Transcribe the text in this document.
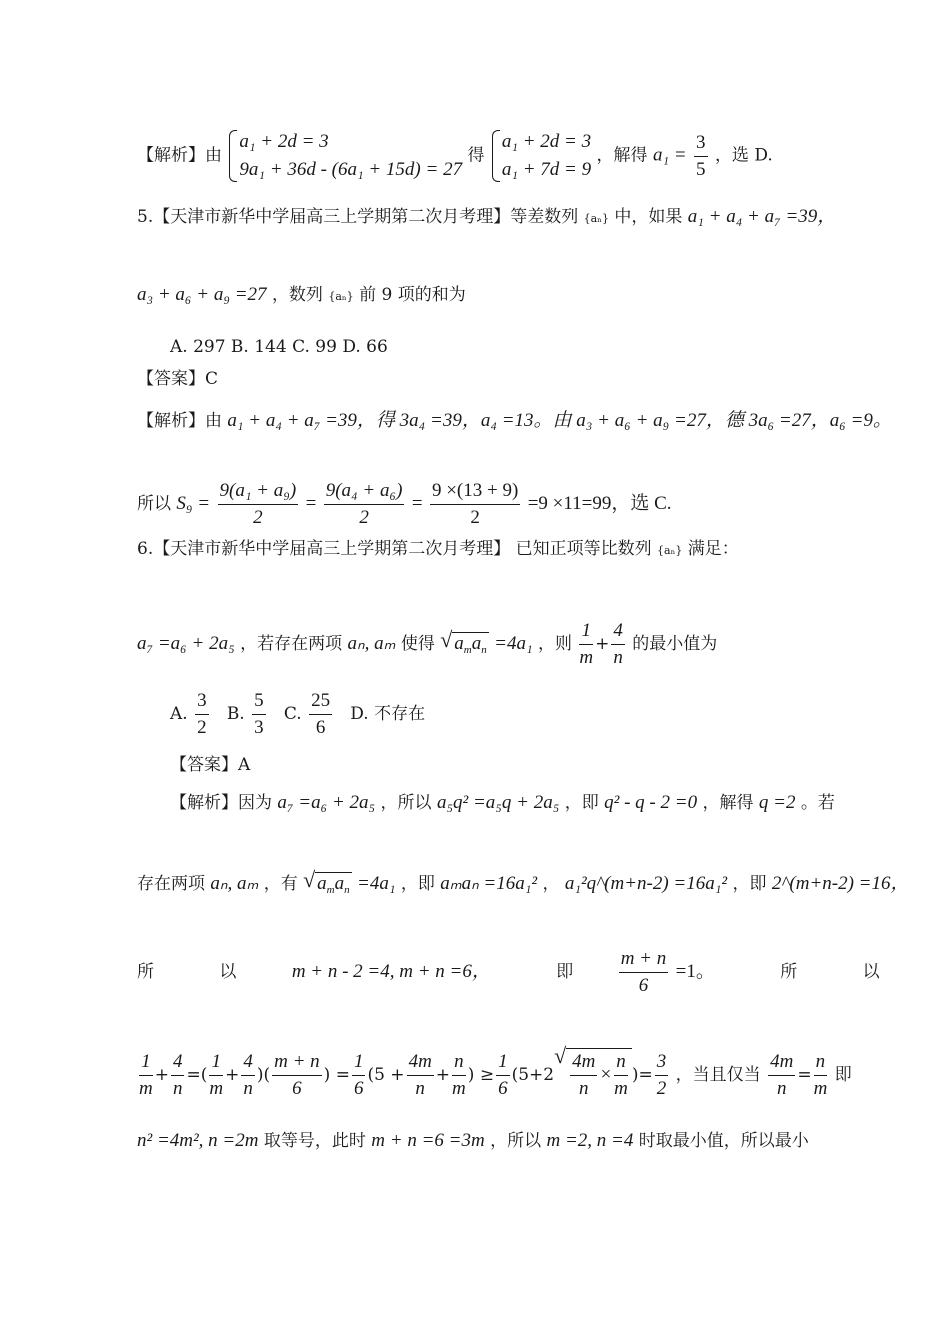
【解析】由
a₁ + 2d = 3
9a₁ + 36d - (6a₁ + 15d) = 27
得
a₁ + 2d = 3
a₁ + 7d = 9
，解得 $a_1 = \frac{3}{5}$ ，选 D.
5.【天津市新华中学届高三上学期第二次月考理】等差数列 {aₙ} 中，如果 a₁ + a₄ + a₇ =39，
a₃ + a₆ + a₉ =27 ，数列 {aₙ} 前 9 项的和为
A. 297 B. 144 C. 99 D. 66
【答案】C
【解析】由 a₁ + a₄ + a₇ =39，得 3a₄ =39，a₄ =13。由 a₃ + a₆ + a₉ =27，德 3a₆ =27，a₆ =9。
所以 $S_9 = \frac{\text{9(a₁ + a₉)}}{2} = \frac{\text{9(a₄ + a₆)}}{2} = \frac{9 \times(13 + 9)}{2} =9 \times 11=99$，选 C.
6.【天津市新华中学届高三上学期第二次月考理】 已知正项等比数列 {aₙ} 满足：
a₇ =a₆ + 2a₅ ，若存在两项 aₙ, aₘ 使得 √ $a_ma_n =4a_1$ ，则 $\frac{1}{m} + \frac{4}{n}$ 的最小值为
A. $\frac{3}{2} B$. $\frac{5}{3} C$. $\frac{25}{6} D$. 不存在
【答案】A
【解析】因为 a₇ =a₆ + 2a₅ ，所以 a₅q² =a₅q + 2a₅ ，即 q² - q - 2 =0 ，解得 q =2 。若
存在两项 aₙ, aₘ ，有 √ $a_ma_n =4a_1$ ，即 aₘaₙ =16a₁² ， a₁²q^(m+n-2) =16a₁² ，即 2^(m+n-2) =16，
所	以	m + n - 2 =4, m + n =6，	即 $\frac{m + n}{6} =1$。	所	以
$\frac{1}{m} + \frac{4}{n}$ =( $\frac{1}{m} + \frac{4}{n}$ )( $\frac{m + n}{6}$ ) = $\frac{1}{6} (5 + \frac{4m}{n} + \frac{n}{m}$ ) ≥ $\frac{1}{6} (5+2$ √ $\frac{4m}{n} \times \frac{n}{m}$ )= $\frac{3}{2}$ ，当且仅当 $\frac{4m}{n} = \frac{n}{m}$ 即
n² =4m², n =2m 取等号，此时 m + n =6 =3m ，所以 m =2, n =4 时取最小值，所以最小
